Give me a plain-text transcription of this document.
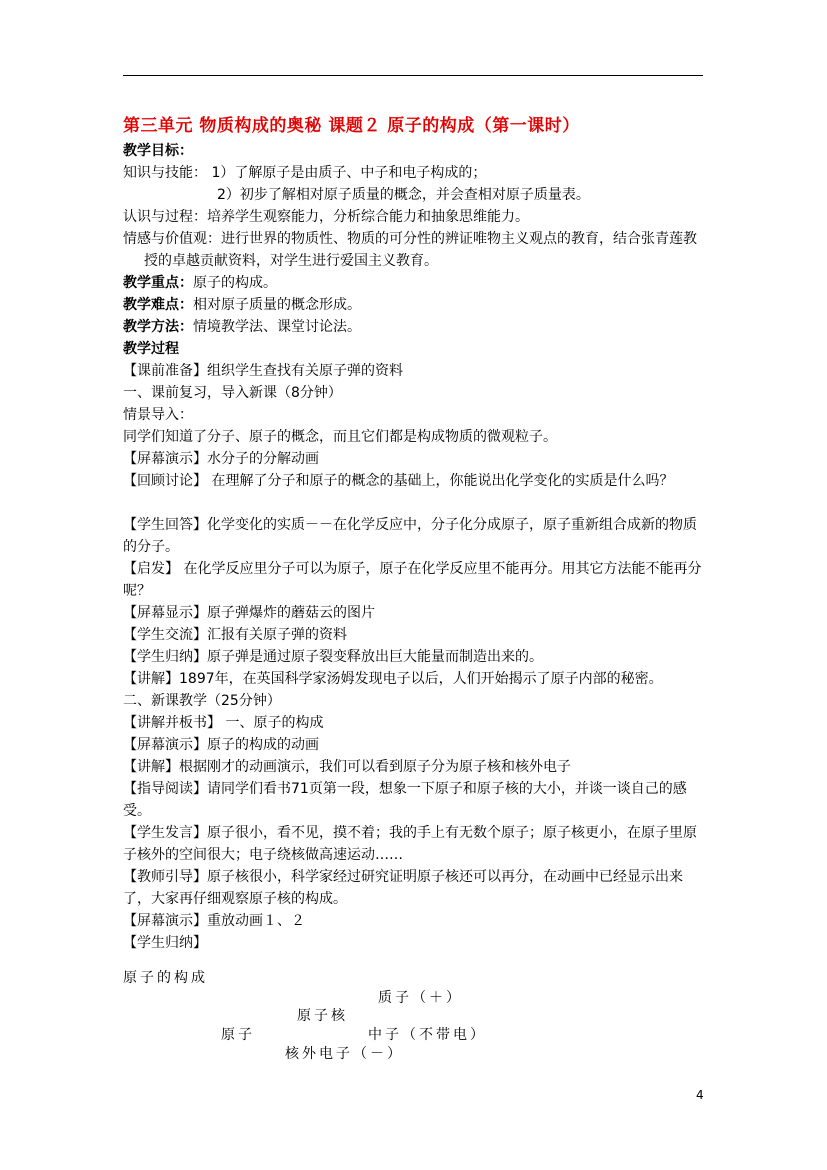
第三单元 物质构成的奥秘 课题２ 原子的构成（第一课时）
教学目标：
知识与技能： 1）了解原子是由质子、中子和电子构成的；
2）初步了解相对原子质量的概念，并会查相对原子质量表。
认识与过程：培养学生观察能力，分析综合能力和抽象思维能力。
情感与价值观：进行世界的物质性、物质的可分性的辨证唯物主义观点的教育，结合张青莲教授的卓越贡献资料，对学生进行爱国主义教育。
教学重点：原子的构成。
教学难点：相对原子质量的概念形成。
教学方法：情境教学法、课堂讨论法。
教学过程
【课前准备】组织学生查找有关原子弹的资料
一、课前复习，导入新课（8分钟）
情景导入：
同学们知道了分子、原子的概念，而且它们都是构成物质的微观粒子。
【屏幕演示】水分子的分解动画
【回顾讨论】 在理解了分子和原子的概念的基础上，你能说出化学变化的实质是什么吗？
【学生回答】化学变化的实质－－在化学反应中，分子化分成原子，原子重新组合成新的物质的分子。
【启发】 在化学反应里分子可以为原子，原子在化学反应里不能再分。用其它方法能不能再分呢？
【屏幕显示】原子弹爆炸的蘑菇云的图片
【学生交流】汇报有关原子弹的资料
【学生归纳】原子弹是通过原子裂变释放出巨大能量而制造出来的。
【讲解】1897年，在英国科学家汤姆发现电子以后，人们开始揭示了原子内部的秘密。
二、新课教学（25分钟）
【讲解并板书】 一、原子的构成
【屏幕演示】原子的构成的动画
【讲解】根据刚才的动画演示，我们可以看到原子分为原子核和核外电子
【指导阅读】请同学们看书71页第一段，想象一下原子和原子核的大小，并谈一谈自己的感受。
【学生发言】原子很小，看不见，摸不着；我的手上有无数个原子；原子核更小，在原子里原子核外的空间很大；电子绕核做高速运动……
【教师引导】原子核很小，科学家经过研究证明原子核还可以再分，在动画中已经显示出来了，大家再仔细观察原子核的构成。
【屏幕演示】重放动画１、２
【学生归纳】
原子的构成
质子（＋）
原子核
原子	中子（不带电）
核外电子（－）
4
